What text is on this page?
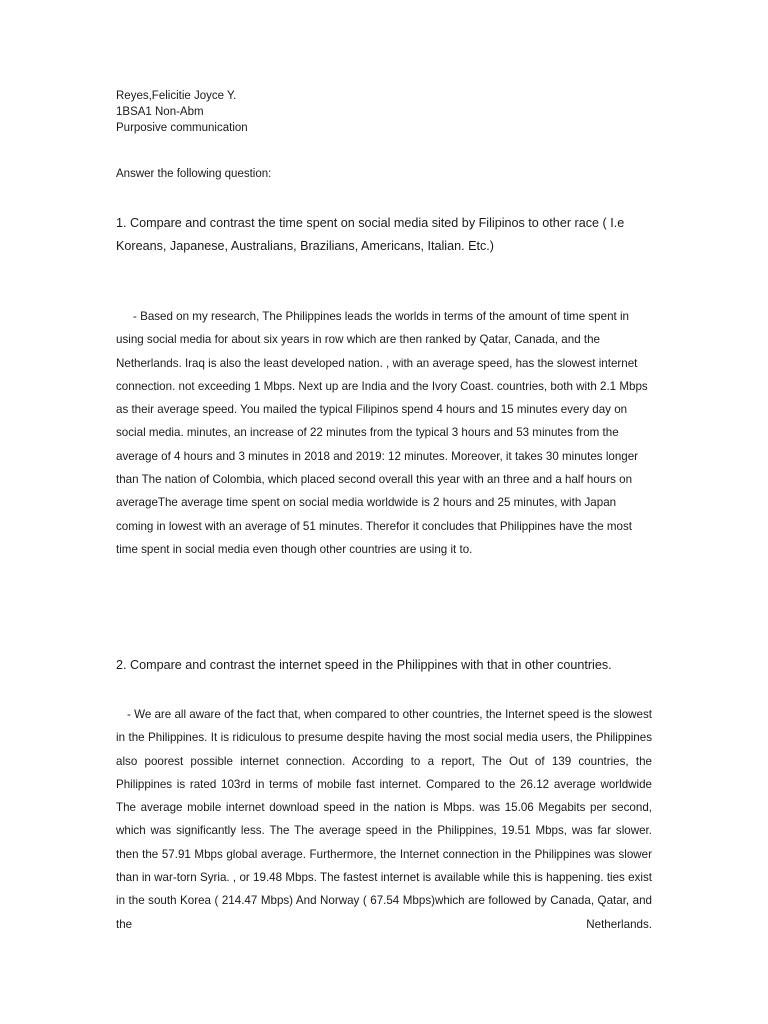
Reyes,Felicitie Joyce Y.
1BSA1 Non-Abm
Purposive communication
Answer the following question:
1. Compare and contrast the time spent on social media sited by Filipinos to other race ( I.e Koreans, Japanese, Australians, Brazilians, Americans, Italian. Etc.)
- Based on my research, The Philippines leads the worlds in terms of the amount of time spent in using social media for about six years in row which are then ranked by Qatar, Canada, and the Netherlands. Iraq is also the least developed nation. , with an average speed, has the slowest internet connection. not exceeding 1 Mbps. Next up are India and the Ivory Coast. countries, both with 2.1 Mbps as their average speed. You mailed the typical Filipinos spend 4 hours and 15 minutes every day on social media. minutes, an increase of 22 minutes from the typical 3 hours and 53 minutes from the average of 4 hours and 3 minutes in 2018 and 2019: 12 minutes. Moreover, it takes 30 minutes longer than The nation of Colombia, which placed second overall this year with an three and a half hours on averageThe average time spent on social media worldwide is 2 hours and 25 minutes, with Japan coming in lowest with an average of 51 minutes. Therefor it concludes that Philippines have the most time spent in social media even though other countries are using it to.
2. Compare and contrast the internet speed in the Philippines with that in other countries.
- We are all aware of the fact that, when compared to other countries, the Internet speed is the slowest in the Philippines. It is ridiculous to presume despite having the most social media users, the Philippines also poorest possible internet connection. According to a report, The Out of 139 countries, the Philippines is rated 103rd in terms of mobile fast internet. Compared to the 26.12 average worldwide The average mobile internet download speed in the nation is Mbps. was 15.06 Megabits per second, which was significantly less. The The average speed in the Philippines, 19.51 Mbps, was far slower. then the 57.91 Mbps global average. Furthermore, the Internet connection in the Philippines was slower than in war-torn Syria. , or 19.48 Mbps. The fastest internet is available while this is happening. ties exist in the south Korea ( 214.47 Mbps) And Norway ( 67.54 Mbps)which are followed by Canada, Qatar, and the Netherlands.
